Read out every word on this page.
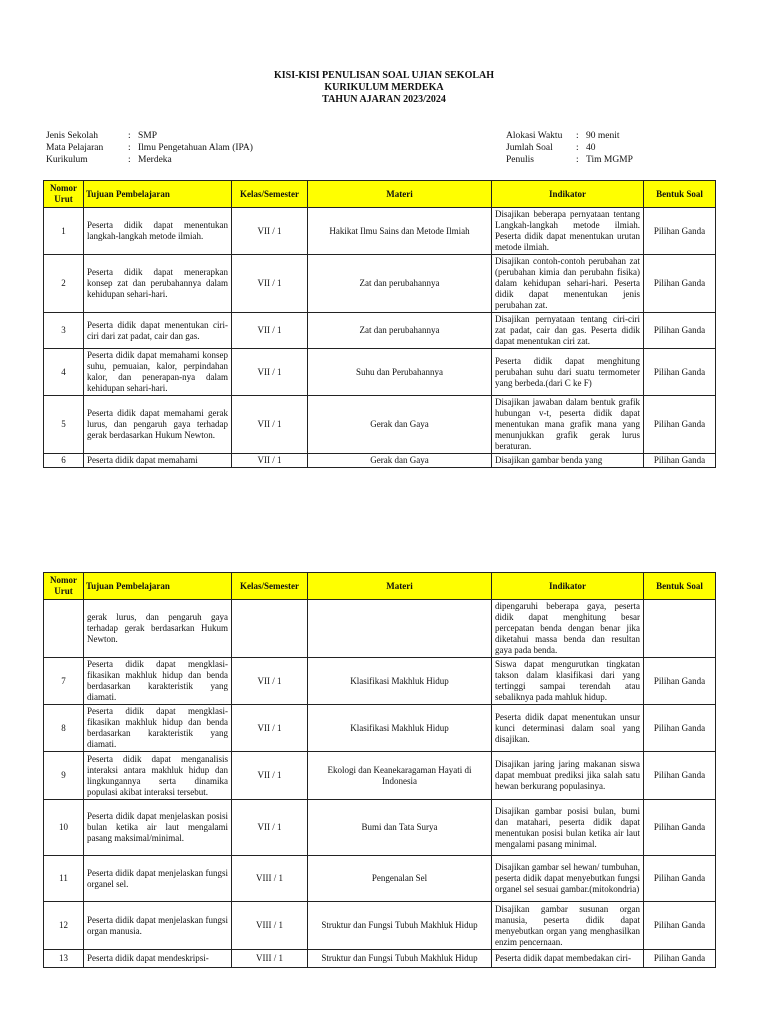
KISI-KISI PENULISAN SOAL UJIAN SEKOLAH
KURIKULUM MERDEKA
TAHUN AJARAN 2023/2024
Jenis Sekolah	: SMP
Mata Pelajaran	: Ilmu Pengetahuan Alam (IPA)
Kurikulum	: Merdeka
Alokasi Waktu : 90 menit
Jumlah Soal : 40
Penulis	: Tim MGMP
Nomor Urut	Tujuan Pembelajaran	Kelas/Semester	Materi	Indikator	Bentuk Soal
1	Peserta didik dapat menentukan langkah-langkah metode ilmiah.	VII / 1	Hakikat Ilmu Sains dan Metode Ilmiah	Disajikan beberapa pernyataan tentang Langkah-langkah metode ilmiah. Peserta didik dapat menentukan urutan metode ilmiah.	Pilihan Ganda
2	Peserta didik dapat menerapkan konsep zat dan perubahannya dalam kehidupan sehari-hari.	VII / 1	Zat dan perubahannya	Disajikan contoh-contoh perubahan zat (perubahan kimia dan perubahn fisika) dalam kehidupan sehari-hari. Peserta didik dapat menentukan jenis perubahan zat.	Pilihan Ganda
3	Peserta didik dapat menentukan ciri-ciri dari zat padat, cair dan gas.	VII / 1	Zat dan perubahannya	Disajikan pernyataan tentang ciri-ciri zat padat, cair dan gas. Peserta didik dapat menentukan ciri zat.	Pilihan Ganda
4	Peserta didik dapat memahami konsep suhu, pemuaian, kalor, perpindahan kalor, dan penerapan-nya dalam kehidupan sehari-hari.	VII / 1	Suhu dan Perubahannya	Peserta didik dapat menghitung perubahan suhu dari suatu termometer yang berbeda.(dari C ke F)	Pilihan Ganda
5	Peserta didik dapat memahami gerak lurus, dan pengaruh gaya terhadap gerak berdasarkan Hukum Newton.	VII / 1	Gerak dan Gaya	Disajikan jawaban dalam bentuk grafik hubungan v-t, peserta didik dapat menentukan mana grafik mana yang menunjukkan grafik gerak lurus beraturan.	Pilihan Ganda
6	Peserta didik dapat memahami	VII / 1	Gerak dan Gaya	Disajikan gambar benda yang	Pilihan Ganda
Nomor Urut	Tujuan Pembelajaran	Kelas/Semester	Materi	Indikator	Bentuk Soal
	gerak lurus, dan pengaruh gaya terhadap gerak berdasarkan Hukum Newton.			dipengaruhi beberapa gaya, peserta didik dapat menghitung besar percepatan benda dengan benar jika diketahui massa benda dan resultan gaya pada benda.	
7	Peserta didik dapat mengklasi-fikasikan makhluk hidup dan benda berdasarkan karakteristik yang diamati.	VII / 1	Klasifikasi Makhluk Hidup	Siswa dapat mengurutkan tingkatan takson dalam klasifikasi dari yang tertinggi sampai terendah atau sebaliknya pada mahluk hidup.	Pilihan Ganda
8	Peserta didik dapat mengklasi-fikasikan makhluk hidup dan benda berdasarkan karakteristik yang diamati.	VII / 1	Klasifikasi Makhluk Hidup	Peserta didik dapat menentukan unsur kunci determinasi dalam soal yang disajikan.	Pilihan Ganda
9	Peserta didik dapat menganalisis interaksi antara makhluk hidup dan lingkungannya serta dinamika populasi akibat interaksi tersebut.	VII / 1	Ekologi dan Keanekaragaman Hayati di Indonesia	Disajikan jaring jaring makanan siswa dapat membuat prediksi jika salah satu hewan berkurang populasinya.	Pilihan Ganda
10	Peserta didik dapat menjelaskan posisi bulan ketika air laut mengalami pasang maksimal/minimal.	VII / 1	Bumi dan Tata Surya	Disajikan gambar posisi bulan, bumi dan matahari, peserta didik dapat menentukan posisi bulan ketika air laut mengalami pasang minimal.	Pilihan Ganda
11	Peserta didik dapat menjelaskan fungsi organel sel.	VIII / 1	Pengenalan Sel	Disajikan gambar sel hewan/ tumbuhan, peserta didik dapat menyebutkan fungsi organel sel sesuai gambar.(mitokondria)	Pilihan Ganda
12	Peserta didik dapat menjelaskan fungsi organ manusia.	VIII / 1	Struktur dan Fungsi Tubuh Makhluk Hidup	Disajikan gambar susunan organ manusia, peserta didik dapat menyebutkan organ yang menghasilkan enzim pencernaan.	Pilihan Ganda
13	Peserta didik dapat mendeskripsi-	VIII / 1	Struktur dan Fungsi Tubuh Makhluk Hidup	Peserta didik dapat membedakan ciri-	Pilihan Ganda
